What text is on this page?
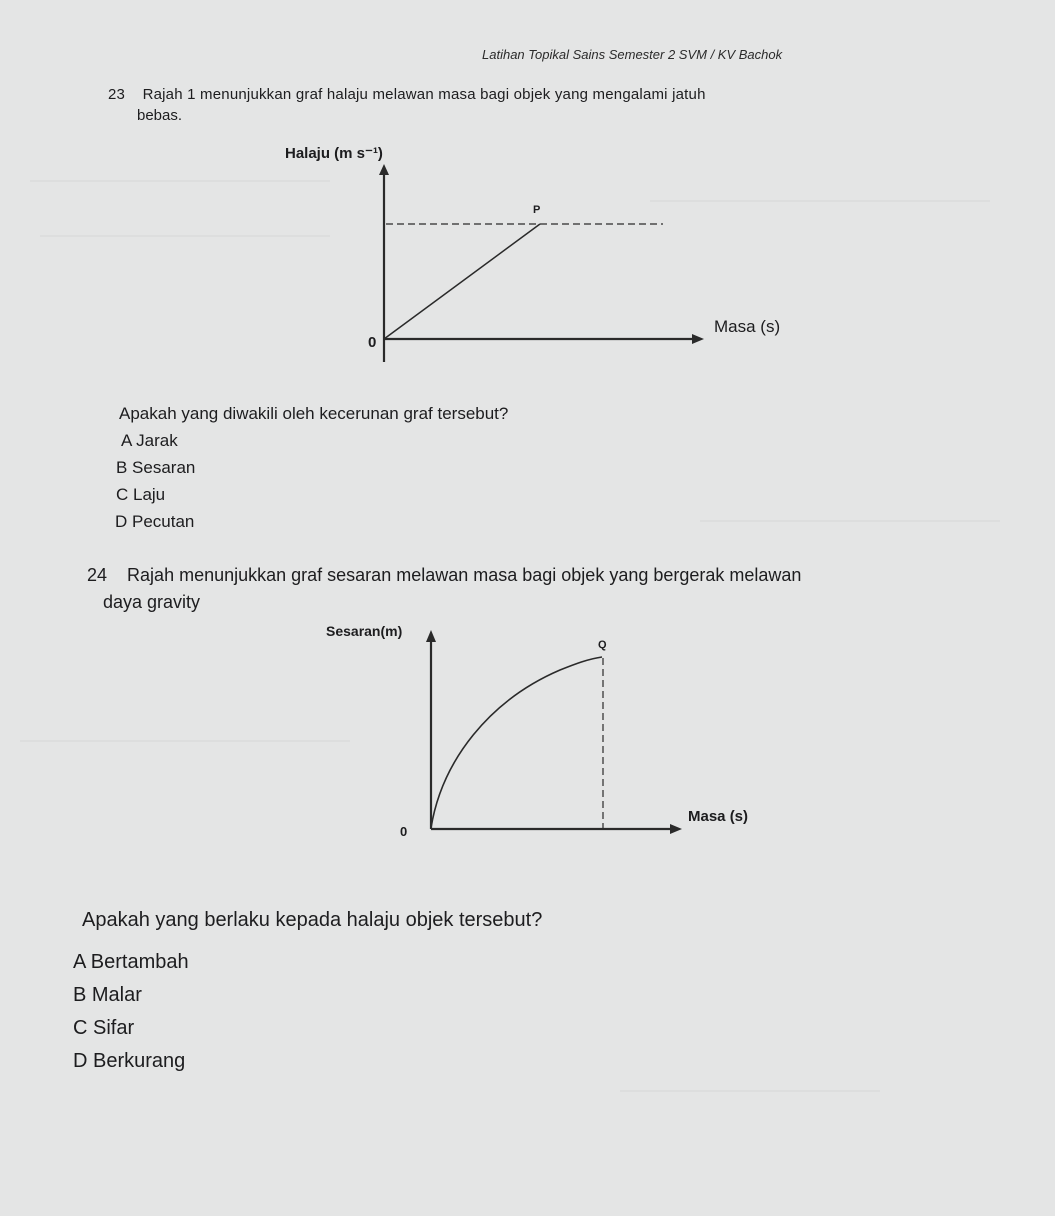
Latihan Topikal Sains Semester 2 SVM / KV Bachok
23 Rajah 1 menunjukkan graf halaju melawan masa bagi objek yang mengalami jatuh
bebas.
Halaju (m s⁻¹)
P
0
Masa (s)
Sesaran(m)
Q
0
Masa (s)
Apakah yang diwakili oleh kecerunan graf tersebut?
A Jarak
B Sesaran
C Laju
D Pecutan
24 Rajah menunjukkan graf sesaran melawan masa bagi objek yang bergerak melawan
daya gravity
Apakah yang berlaku kepada halaju objek tersebut?
A Bertambah
B Malar
C Sifar
D Berkurang
